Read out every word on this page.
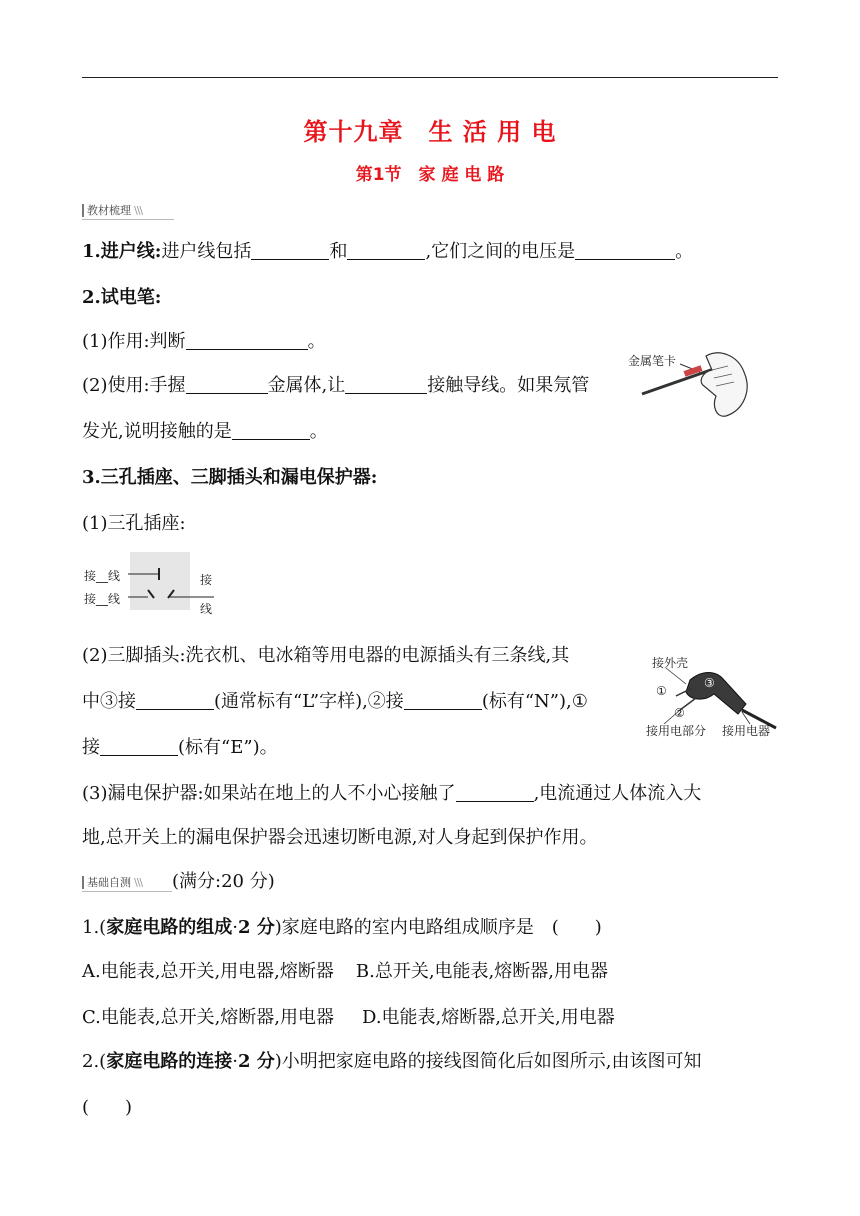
第十九章　生 活 用 电
第1节　家 庭 电 路
教材梳理 \\\
1.进户线:进户线包括	和	,它们之间的电压是	。
2.试电笔:
(1)作用:判断	。
(2)使用:手握	金属体,让	接触导线。如果氖管
发光,说明接触的是	。
金属笔卡
3.三孔插座、三脚插头和漏电保护器:
(1)三孔插座:
接__线
接__线
接
线
(2)三脚插头:洗衣机、电冰箱等用电器的电源插头有三条线,其
中③接	(通常标有“L”字样),②接	(标有“N”),①
接	(标有“E”)。
接外壳
①
②
③
接用电部分 接用电器
(3)漏电保护器:如果站在地上的人不小心接触了	,电流通过人体流入大
地,总开关上的漏电保护器会迅速切断电源,对人身起到保护作用。
基础自测 \\\ (满分:20 分)
1.(家庭电路的组成·2 分)家庭电路的室内电路组成顺序是　(　　)
A.电能表,总开关,用电器,熔断器 B.总开关,电能表,熔断器,用电器
C.电能表,总开关,熔断器,用电器 D.电能表,熔断器,总开关,用电器
2.(家庭电路的连接·2 分)小明把家庭电路的接线图简化后如图所示,由该图可知
(　　)
